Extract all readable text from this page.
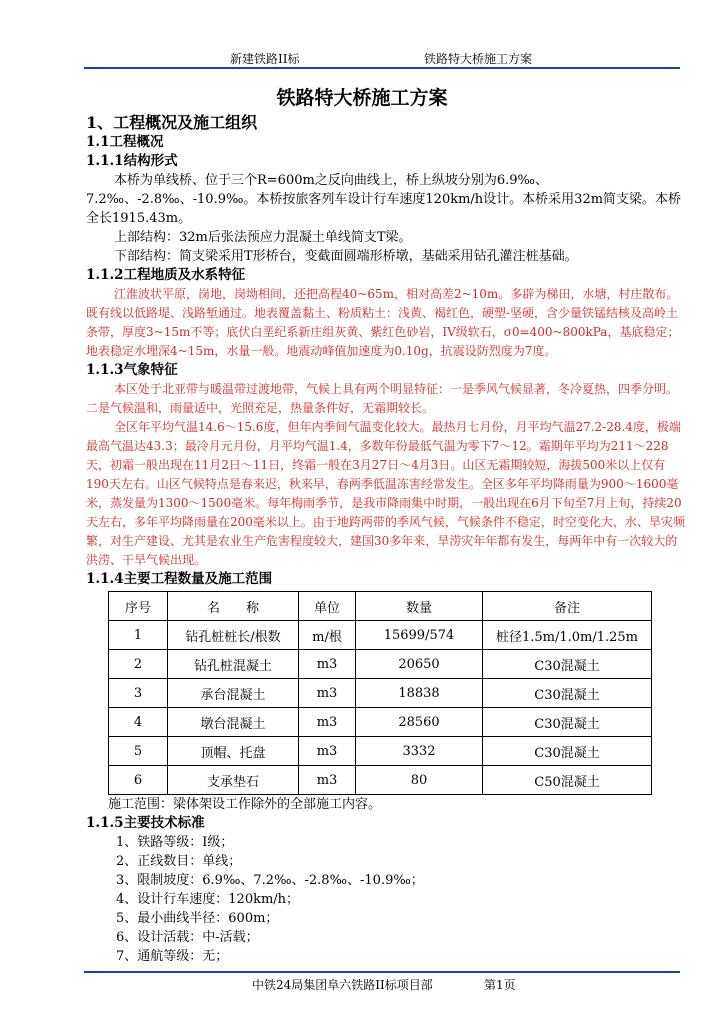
新建铁路II标	铁路特大桥施工方案
铁路特大桥施工方案

1、工程概况及施工组织

1.1工程概况

1.1.1结构形式

本桥为单线桥、位于三个R=600m之反向曲线上，桥上纵坡分别为6.9‰、7.2‰、-2.8‰、-10.9‰。本桥按旅客列车设计行车速度120km/h设计。本桥采用32m简支梁。本桥全长1915.43m。

上部结构：32m后张法预应力混凝土单线简支T梁。

下部结构：简支梁采用T形桥台，变截面圆端形桥墩，基础采用钻孔灌注桩基础。

1.1.2工程地质及水系特征

江淮波状平原，岗地，岗坳相间，还把高程40~65m，相对高差2~10m。多辟为梯田，水塘，村庄散布。既有线以低路堤、浅路堑通过。地表覆盖黏土、粉质粘土：浅黄、褐红色，硬塑-坚硬，含少量铁锰结核及高岭土条带，厚度3~15m不等；底伏白垩纪系新庄组灰黄、紫红色砂岩，IV级软石，σ0=400~800kPa，基底稳定；地表稳定水埋深4~15m，水量一般。地震动峰值加速度为0.10g，抗震设防烈度为7度。

1.1.3气象特征

本区处于北亚带与暖温带过渡地带，气候上具有两个明显特征：一是季风气候显著，冬冷夏热，四季分明。二是气候温和，雨量适中，光照充足，热量条件好，无霜期较长。

全区年平均气温14.6～15.6度，但年内季间气温变化较大。最热月七月份，月平均气温27.2-28.4度，极端最高气温达43.3；最冷月元月份，月平均气温1.4，多数年份最低气温为零下7～12。霜期年平均为211～228天，初霜一般出现在11月2日～11日，终霜一般在3月27日～4月3日。山区无霜期较短，海拔500米以上仅有190天左右。山区气候特点是春来迟，秋来早，春两季低温冻害经常发生。全区多年平均降雨量为900～1600毫米，蒸发量为1300～1500毫米。每年梅雨季节，是我市降雨集中时期，一般出现在6月下旬至7月上旬，持续20天左右，多年平均降雨量在200毫米以上。由于地跨两带的季风气候，气候条件不稳定，时空变化大，水、旱灾频繁，对生产建设、尤其是农业生产危害程度较大，建国30多年来，旱涝灾年年都有发生，每两年中有一次较大的洪涝、干旱气候出现。

1.1.4主要工程数量及施工范围

序号	名　　称	单位	数量	备注
1	钻孔桩桩长/根数	m/根	15699/574	桩径1.5m/1.0m/1.25m
2	钻孔桩混凝土	m3	20650	C30混凝土
3	承台混凝土	m3	18838	C30混凝土
4	墩台混凝土	m3	28560	C30混凝土
5	顶帽、托盘	m3	3332	C30混凝土
6	支承垫石	m3	80	C50混凝土

施工范围：梁体架设工作除外的全部施工内容。

1.1.5主要技术标准

1、铁路等级：I级；

2、正线数目：单线；

3、限制坡度：6.9‰、7.2‰、-2.8‰、-10.9‰；

4、设计行车速度：120km/h；

5、最小曲线半径：600m；

6、设计活载：中-活载；

7、通航等级：无；

中铁24局集团阜六铁路II标项目部	第1页
